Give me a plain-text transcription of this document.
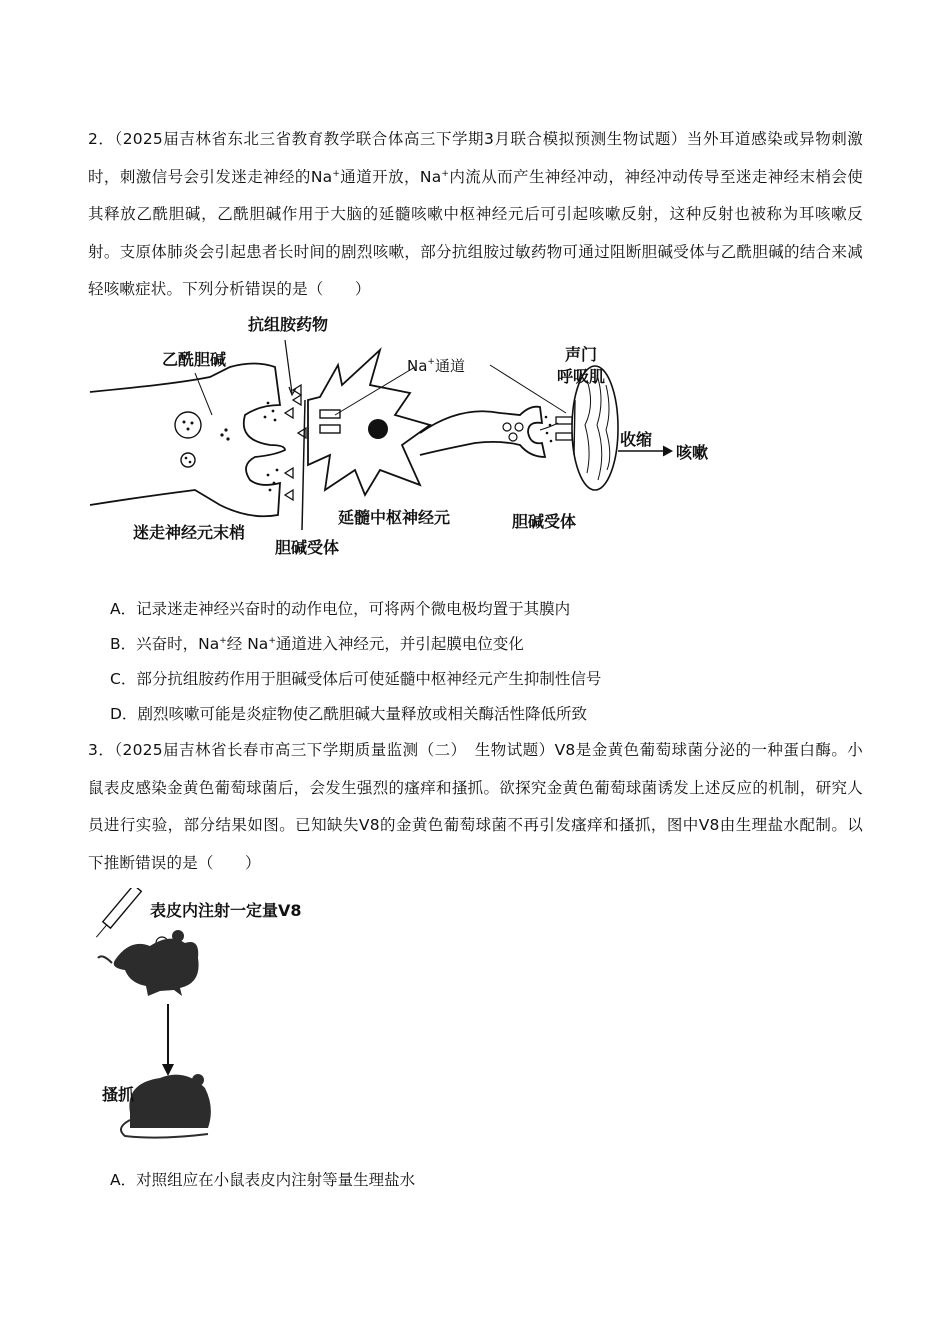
2．（2025届吉林省东北三省教育教学联合体高三下学期3月联合模拟预测生物试题）当外耳道感染或异物刺激时，刺激信号会引发迷走神经的Na+通道开放，Na+内流从而产生神经冲动，神经冲动传导至迷走神经末梢会使其释放乙酰胆碱，乙酰胆碱作用于大脑的延髓咳嗽中枢神经元后可引起咳嗽反射，这种反射也被称为耳咳嗽反射。支原体肺炎会引起患者长时间的剧烈咳嗽，部分抗组胺过敏药物可通过阻断胆碱受体与乙酰胆碱的结合来减轻咳嗽症状。下列分析错误的是（　　）
抗组胺药物
乙酰胆碱	Na+通道
声门
呼吸肌
收缩
咳嗽
迷走神经元末梢
胆碱受体
延髓中枢神经元	胆碱受体
A．记录迷走神经兴奋时的动作电位，可将两个微电极均置于其膜内
B．兴奋时，Na+经 Na+通道进入神经元，并引起膜电位变化
C．部分抗组胺药作用于胆碱受体后可使延髓中枢神经元产生抑制性信号
D．剧烈咳嗽可能是炎症物使乙酰胆碱大量释放或相关酶活性降低所致
3．（2025届吉林省长春市高三下学期质量监测（二）　生物试题）V8是金黄色葡萄球菌分泌的一种蛋白酶。小鼠表皮感染金黄色葡萄球菌后，会发生强烈的瘙痒和搔抓。欲探究金黄色葡萄球菌诱发上述反应的机制，研究人员进行实验，部分结果如图。已知缺失V8的金黄色葡萄球菌不再引发瘙痒和搔抓，图中V8由生理盐水配制。以下推断错误的是（　　）
表皮内注射一定量V8
搔抓
A．对照组应在小鼠表皮内注射等量生理盐水
